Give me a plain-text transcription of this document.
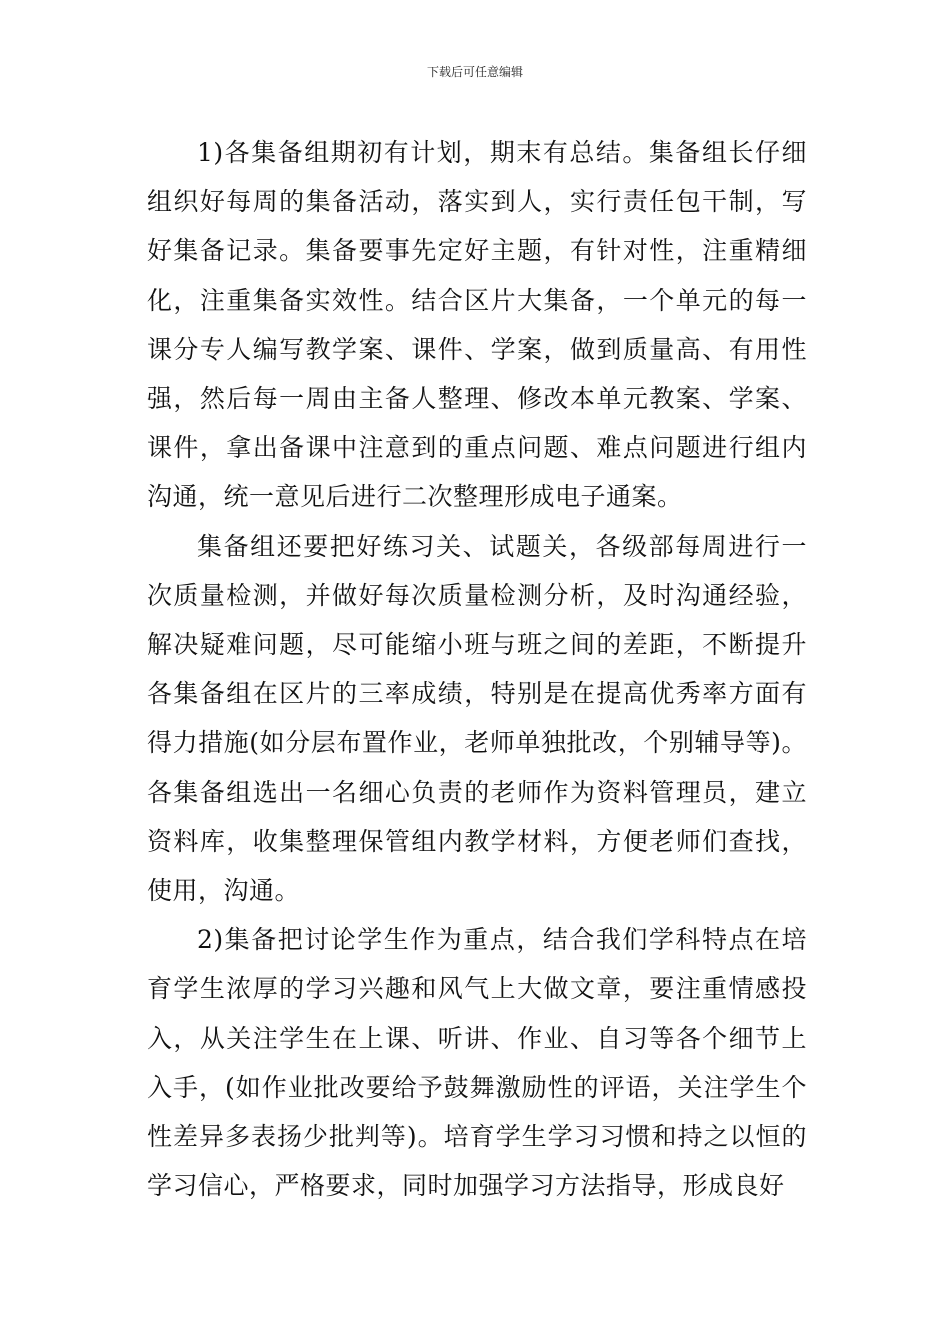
下载后可任意编辑

1)各集备组期初有计划，期末有总结。集备组长仔细组织好每周的集备活动，落实到人，实行责任包干制，写好集备记录。集备要事先定好主题，有针对性，注重精细化，注重集备实效性。结合区片大集备，一个单元的每一课分专人编写教学案、课件、学案，做到质量高、有用性强，然后每一周由主备人整理、修改本单元教案、学案、课件，拿出备课中注意到的重点问题、难点问题进行组内沟通，统一意见后进行二次整理形成电子通案。

集备组还要把好练习关、试题关，各级部每周进行一次质量检测，并做好每次质量检测分析，及时沟通经验，解决疑难问题，尽可能缩小班与班之间的差距，不断提升各集备组在区片的三率成绩，特别是在提高优秀率方面有得力措施(如分层布置作业，老师单独批改，个别辅导等)。各集备组选出一名细心负责的老师作为资料管理员，建立资料库，收集整理保管组内教学材料，方便老师们查找，使用，沟通。

2)集备把讨论学生作为重点，结合我们学科特点在培育学生浓厚的学习兴趣和风气上大做文章，要注重情感投入，从关注学生在上课、听讲、作业、自习等各个细节上入手，(如作业批改要给予鼓舞激励性的评语，关注学生个性差异多表扬少批判等)。培育学生学习习惯和持之以恒的学习信心，严格要求，同时加强学习方法指导，形成良好
